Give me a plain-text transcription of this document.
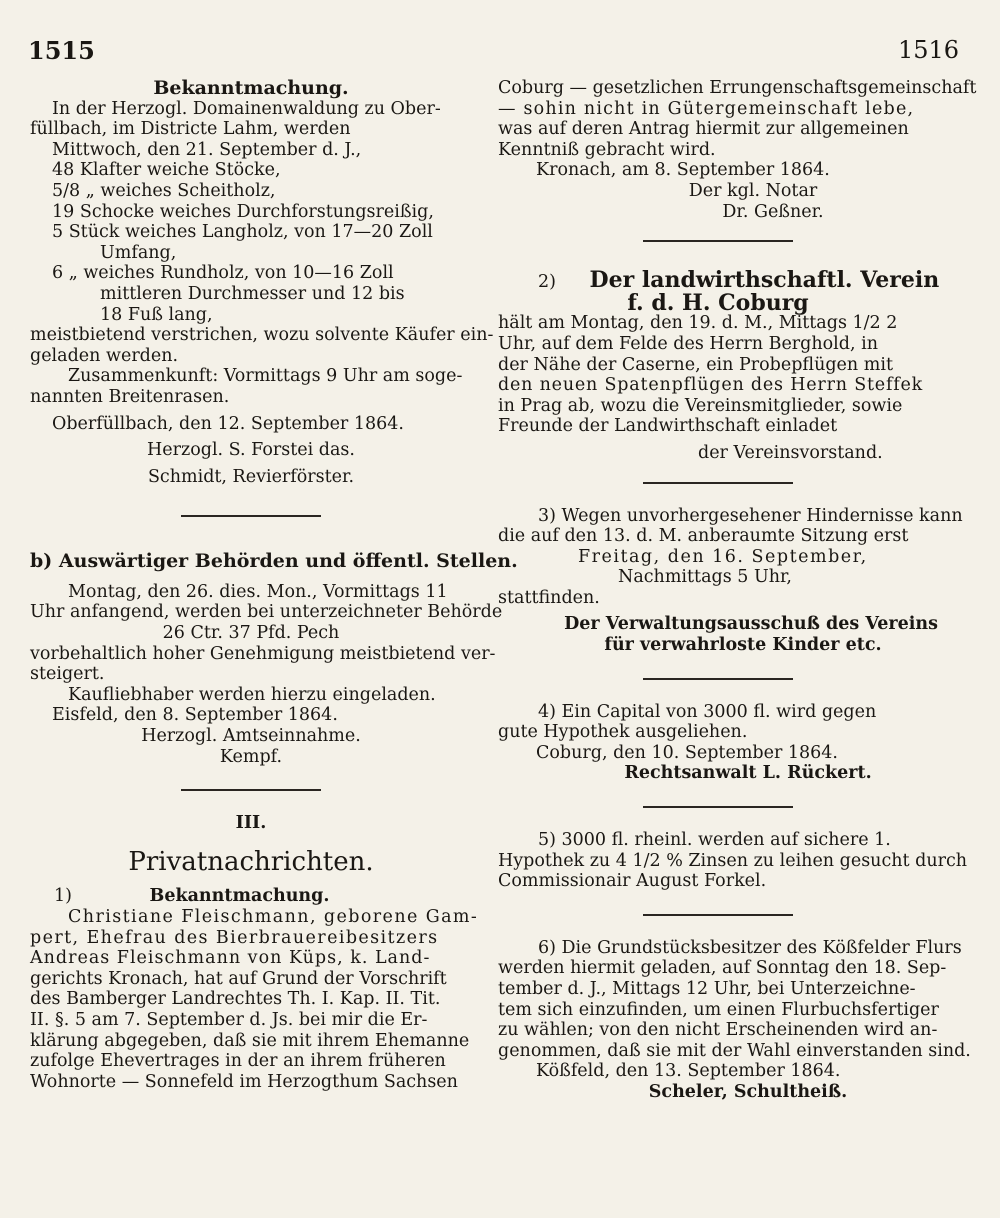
1515	1516
Bekanntmachung.
In der Herzogl. Domainenwaldung zu Ober-
füllbach, im Districte Lahm, werden
Mittwoch, den 21. September d. J.,
48 Klafter weiche Stöcke,
5/8 „ weiches Scheitholz,
19 Schocke weiches Durchforstungsreißig,
5 Stück weiches Langholz, von 17—20 Zoll
Umfang,
6 „ weiches Rundholz, von 10—16 Zoll
mittleren Durchmesser und 12 bis
18 Fuß lang,
meistbietend verstrichen, wozu solvente Käufer ein-
geladen werden.
Zusammenkunft: Vormittags 9 Uhr am soge-
nannten Breitenrasen.
Oberfüllbach, den 12. September 1864.
Herzogl. S. Forstei das.
Schmidt, Revierförster.
b) Auswärtiger Behörden und öffentl. Stellen.
Montag, den 26. dies. Mon., Vormittags 11
Uhr anfangend, werden bei unterzeichneter Behörde
26 Ctr. 37 Pfd. Pech
vorbehaltlich hoher Genehmigung meistbietend ver-
steigert.
Kaufliebhaber werden hierzu eingeladen.
Eisfeld, den 8. September 1864.
Herzogl. Amtseinnahme.
Kempf.
III.
Privatnachrichten.
1)	Bekanntmachung.
Christiane Fleischmann, geborene Gam-
pert, Ehefrau des Bierbrauereibesitzers
Andreas Fleischmann von Küps, k. Land-
gerichts Kronach, hat auf Grund der Vorschrift
des Bamberger Landrechtes Th. I. Kap. II. Tit.
II. §. 5 am 7. September d. Js. bei mir die Er-
klärung abgegeben, daß sie mit ihrem Ehemanne
zufolge Ehevertrages in der an ihrem früheren
Wohnorte — Sonnefeld im Herzogthum Sachsen
Coburg — gesetzlichen Errungenschaftsgemeinschaft
— sohin nicht in Gütergemeinschaft lebe,
was auf deren Antrag hiermit zur allgemeinen
Kenntniß gebracht wird.
Kronach, am 8. September 1864.
Der kgl. Notar
Dr. Geßner.
2) Der landwirthschaftl. Verein
f. d. H. Coburg
hält am Montag, den 19. d. M., Mittags 1/2 2
Uhr, auf dem Felde des Herrn Berghold, in
der Nähe der Caserne, ein Probepflügen mit
den neuen Spatenpflügen des Herrn Steffek
in Prag ab, wozu die Vereinsmitglieder, sowie
Freunde der Landwirthschaft einladet
der Vereinsvorstand.
3) Wegen unvorhergesehener Hindernisse kann
die auf den 13. d. M. anberaumte Sitzung erst
Freitag, den 16. September,
Nachmittags 5 Uhr,
stattfinden.
Der Verwaltungsausschuß des Vereins
für verwahrloste Kinder etc.
4) Ein Capital von 3000 fl. wird gegen
gute Hypothek ausgeliehen.
Coburg, den 10. September 1864.
Rechtsanwalt L. Rückert.
5) 3000 fl. rheinl. werden auf sichere 1.
Hypothek zu 4 1/2 % Zinsen zu leihen gesucht durch
Commissionair August Forkel.
6) Die Grundstücksbesitzer des Kößfelder Flurs
werden hiermit geladen, auf Sonntag den 18. Sep-
tember d. J., Mittags 12 Uhr, bei Unterzeichne-
tem sich einzufinden, um einen Flurbuchsfertiger
zu wählen; von den nicht Erscheinenden wird an-
genommen, daß sie mit der Wahl einverstanden sind.
Kößfeld, den 13. September 1864.
Scheler, Schultheiß.
